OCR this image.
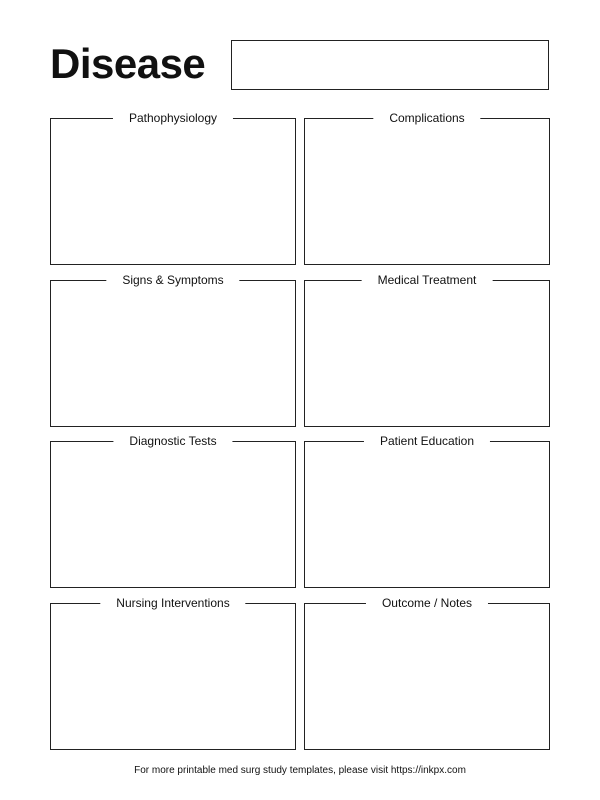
Disease
Pathophysiology	Complications
Signs & Symptoms	Medical Treatment
Diagnostic Tests	Patient Education
Nursing Interventions	Outcome / Notes
For more printable med surg study templates, please visit https://inkpx.com
